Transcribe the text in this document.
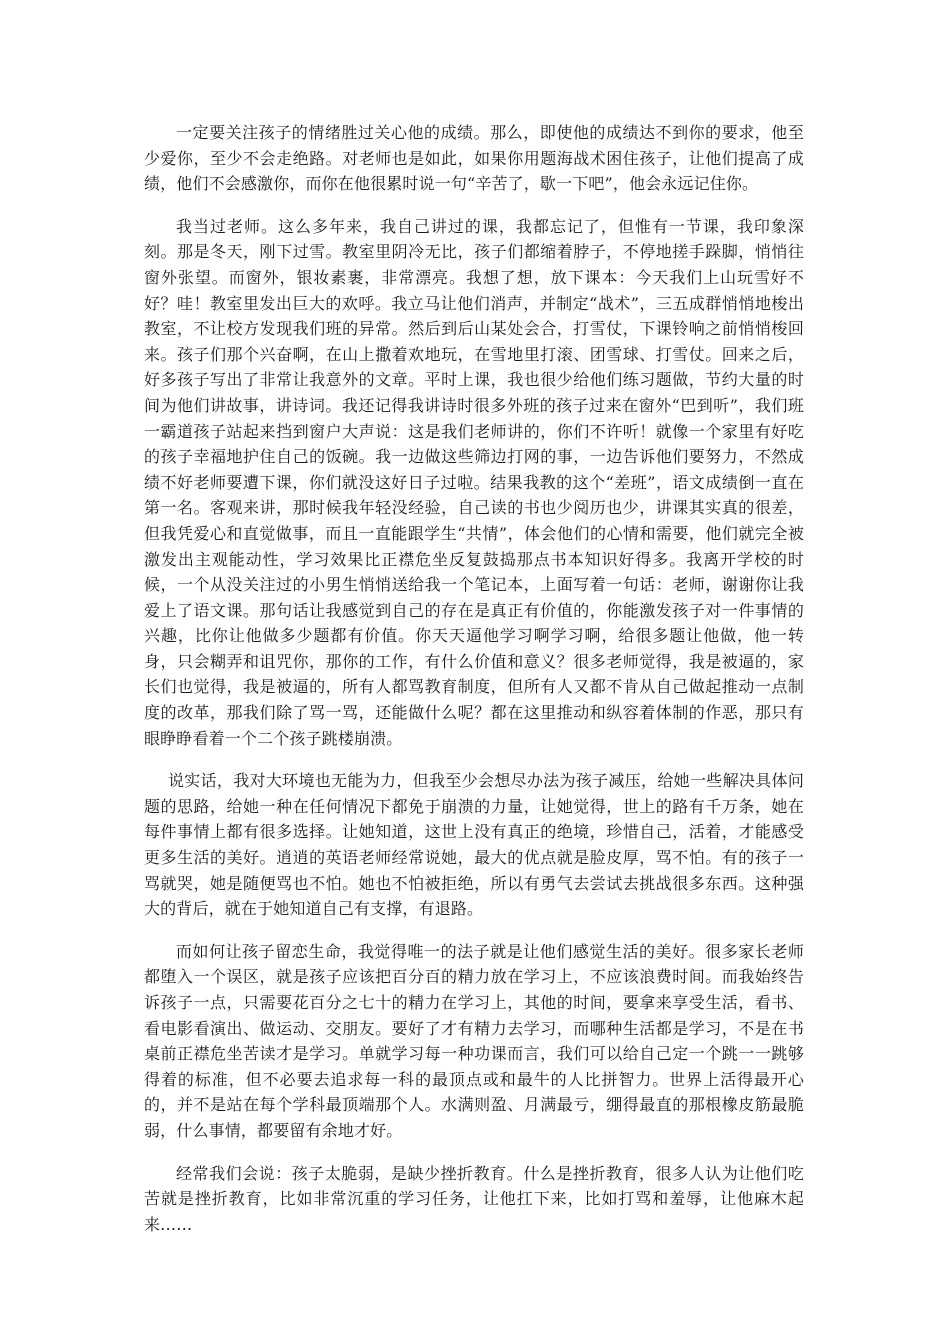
一定要关注孩子的情绪胜过关心他的成绩。那么，即使他的成绩达不到你的要求，他至少爱你，至少不会走绝路。对老师也是如此，如果你用题海战术困住孩子，让他们提高了成绩，他们不会感激你，而你在他很累时说一句“辛苦了，歇一下吧”，他会永远记住你。

我当过老师。这么多年来，我自己讲过的课，我都忘记了，但惟有一节课，我印象深刻。那是冬天，刚下过雪。教室里阴冷无比，孩子们都缩着脖子，不停地搓手跺脚，悄悄往窗外张望。而窗外，银妆素裹，非常漂亮。我想了想，放下课本：今天我们上山玩雪好不好？哇！教室里发出巨大的欢呼。我立马让他们消声，并制定“战术”，三五成群悄悄地梭出教室，不让校方发现我们班的异常。然后到后山某处会合，打雪仗，下课铃响之前悄悄梭回来。孩子们那个兴奋啊，在山上撒着欢地玩，在雪地里打滚、团雪球、打雪仗。回来之后，好多孩子写出了非常让我意外的文章。平时上课，我也很少给他们练习题做，节约大量的时间为他们讲故事，讲诗词。我还记得我讲诗时很多外班的孩子过来在窗外“巴到听”，我们班一霸道孩子站起来挡到窗户大声说：这是我们老师讲的，你们不许听！就像一个家里有好吃的孩子幸福地护住自己的饭碗。我一边做这些筛边打网的事，一边告诉他们要努力，不然成绩不好老师要遭下课，你们就没这好日子过啦。结果我教的这个“差班”，语文成绩倒一直在第一名。客观来讲，那时候我年轻没经验，自己读的书也少阅历也少，讲课其实真的很差，但我凭爱心和直觉做事，而且一直能跟学生“共情”，体会他们的心情和需要，他们就完全被激发出主观能动性，学习效果比正襟危坐反复鼓捣那点书本知识好得多。我离开学校的时候，一个从没关注过的小男生悄悄送给我一个笔记本，上面写着一句话：老师，谢谢你让我爱上了语文课。那句话让我感觉到自己的存在是真正有价值的，你能激发孩子对一件事情的兴趣，比你让他做多少题都有价值。你天天逼他学习啊学习啊，给很多题让他做，他一转身，只会糊弄和诅咒你，那你的工作，有什么价值和意义？很多老师觉得，我是被逼的，家长们也觉得，我是被逼的，所有人都骂教育制度，但所有人又都不肯从自己做起推动一点制度的改革，那我们除了骂一骂，还能做什么呢？都在这里推动和纵容着体制的作恶，那只有眼睁睁看着一个二个孩子跳楼崩溃。

说实话，我对大环境也无能为力，但我至少会想尽办法为孩子减压，给她一些解决具体问题的思路，给她一种在任何情况下都免于崩溃的力量，让她觉得，世上的路有千万条，她在每件事情上都有很多选择。让她知道，这世上没有真正的绝境，珍惜自己，活着，才能感受更多生活的美好。逍逍的英语老师经常说她，最大的优点就是脸皮厚，骂不怕。有的孩子一骂就哭，她是随便骂也不怕。她也不怕被拒绝，所以有勇气去尝试去挑战很多东西。这种强大的背后，就在于她知道自己有支撑，有退路。

而如何让孩子留恋生命，我觉得唯一的法子就是让他们感觉生活的美好。很多家长老师都堕入一个误区，就是孩子应该把百分百的精力放在学习上，不应该浪费时间。而我始终告诉孩子一点，只需要花百分之七十的精力在学习上，其他的时间，要拿来享受生活，看书、看电影看演出、做运动、交朋友。要好了才有精力去学习，而哪种生活都是学习，不是在书桌前正襟危坐苦读才是学习。单就学习每一种功课而言，我们可以给自己定一个跳一一跳够得着的标准，但不必要去追求每一科的最顶点或和最牛的人比拼智力。世界上活得最开心的，并不是站在每个学科最顶端那个人。水满则盈、月满最亏，绷得最直的那根橡皮筋最脆弱，什么事情，都要留有余地才好。

经常我们会说：孩子太脆弱，是缺少挫折教育。什么是挫折教育，很多人认为让他们吃苦就是挫折教育，比如非常沉重的学习任务，让他扛下来，比如打骂和羞辱，让他麻木起来……
